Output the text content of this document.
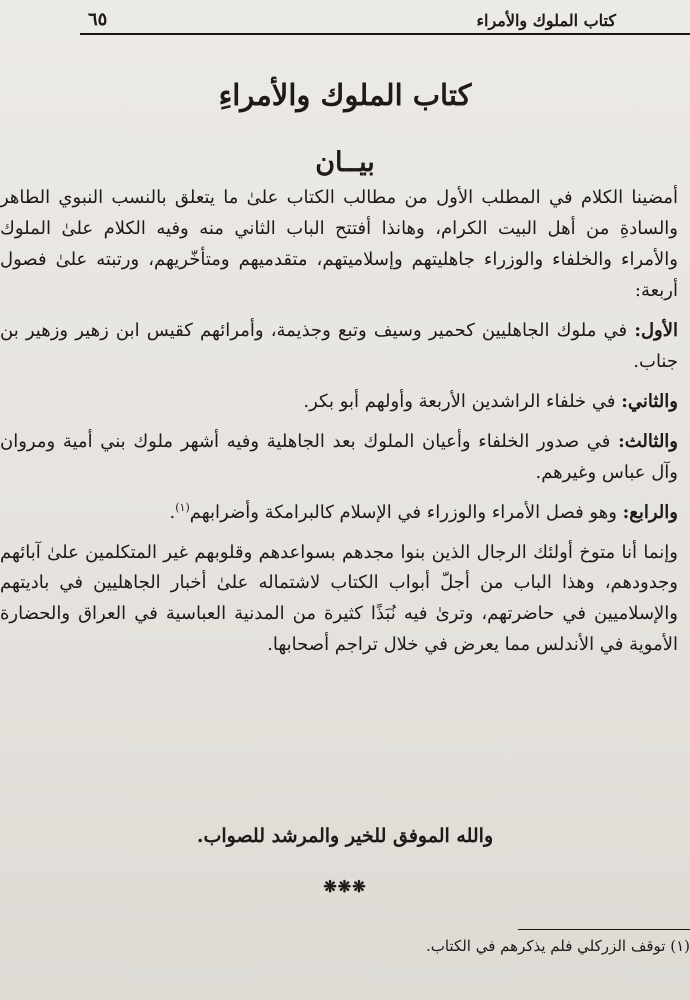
كتاب الملوك والأمراء
٦٥
كتاب الملوك والأمراءِ
بيــان

أمضينا الكلام في المطلب الأول من مطالب الكتاب علىٰ ما يتعلق بالنسب النبوي الطاهر والسادةِ من أهل البيت الكرام، وهانذا أفتتح الباب الثاني منه وفيه الكلام علىٰ الملوك والأمراء والخلفاء والوزراء جاهليتهم وإسلاميتهم، متقدميهم ومتأخّريهم، ورتبته علىٰ فصول أربعة:

الأول: في ملوك الجاهليين كحمير وسيف وتبع وجذيمة، وأمرائهم كقيس ابن زهير وزهير بن جناب.

والثاني: في خلفاء الراشدين الأربعة وأولهم أبو بكر.

والثالث: في صدور الخلفاء وأعيان الملوك بعد الجاهلية وفيه أشهر ملوك بني أمية ومروان وآل عباس وغيرهم.

والرابع: وهو فصل الأمراء والوزراء في الإسلام كالبرامكة وأضرابهم$^{(١)}$.

وإنما أنا متوخ أولئك الرجال الذين بنوا مجدهم بسواعدهم وقلوبهم غير المتكلمين علىٰ آبائهم وجدودهم، وهذا الباب من أجلّ أبواب الكتاب لاشتماله علىٰ أخبار الجاهليين في باديتهم والإسلاميين في حاضرتهم، وترىٰ فيه نُبَذًا كثيرة من المدنية العباسية في العراق والحضارة الأموية في الأندلس مما يعرض في خلال تراجم أصحابها.

والله الموفق للخير والمرشد للصواب.
❋❋❋
(١) توقف الزركلي فلم يذكرهم في الكتاب.
